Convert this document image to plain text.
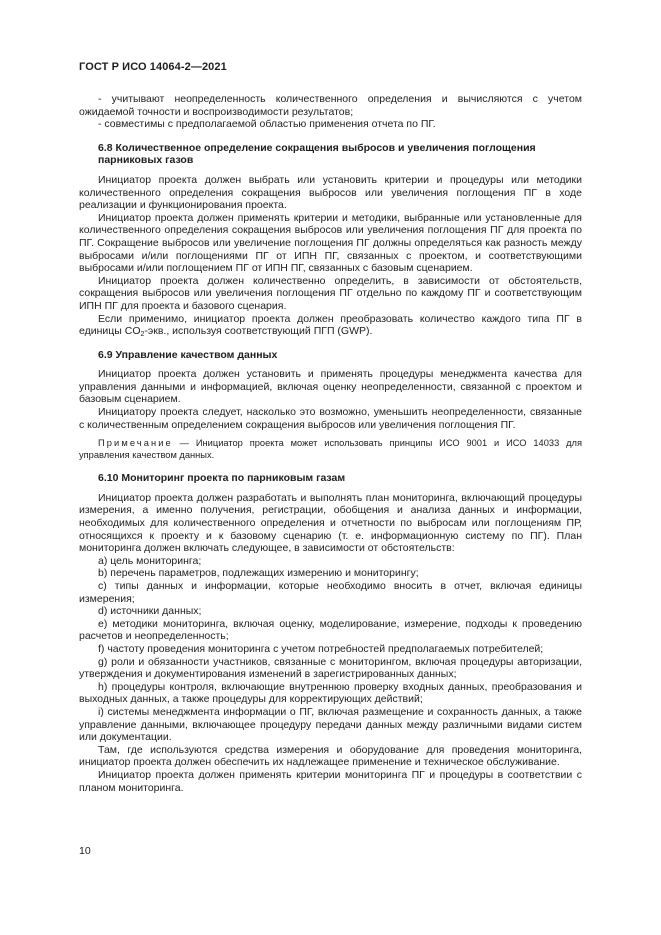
ГОСТ Р ИСО 14064-2—2021

- учитывают неопределенность количественного определения и вычисляются с учетом ожидаемой точности и воспроизводимости результатов;

- совместимы с предполагаемой областью применения отчета по ПГ.

6.8 Количественное определение сокращения выбросов и увеличения поглощения парниковых газов

Инициатор проекта должен выбрать или установить критерии и процедуры или методики количественного определения сокращения выбросов или увеличения поглощения ПГ в ходе реализации и функционирования проекта.

Инициатор проекта должен применять критерии и методики, выбранные или установленные для количественного определения сокращения выбросов или увеличения поглощения ПГ для проекта по ПГ. Сокращение выбросов или увеличение поглощения ПГ должны определяться как разность между выбросами и/или поглощениями ПГ от ИПН ПГ, связанных с проектом, и соответствующими выбросами и/или поглощением ПГ от ИПН ПГ, связанных с базовым сценарием.

Инициатор проекта должен количественно определить, в зависимости от обстоятельств, сокращения выбросов или увеличения поглощения ПГ отдельно по каждому ПГ и соответствующим ИПН ПГ для проекта и базового сценария.

Если применимо, инициатор проекта должен преобразовать количество каждого типа ПГ в единицы $CO_2$-экв., используя соответствующий ПГП (GWP).

6.9 Управление качеством данных

Инициатор проекта должен установить и применять процедуры менеджмента качества для управления данными и информацией, включая оценку неопределенности, связанной с проектом и базовым сценарием.

Инициатору проекта следует, насколько это возможно, уменьшить неопределенности, связанные с количественным определением сокращения выбросов или увеличения поглощения ПГ.

Примечание — Инициатор проекта может использовать принципы ИСО 9001 и ИСО 14033 для управления качеством данных.

6.10 Мониторинг проекта по парниковым газам

Инициатор проекта должен разработать и выполнять план мониторинга, включающий процедуры измерения, а именно получения, регистрации, обобщения и анализа данных и информации, необходимых для количественного определения и отчетности по выбросам или поглощениям ПР, относящихся к проекту и к базовому сценарию (т. е. информационную систему по ПГ). План мониторинга должен включать следующее, в зависимости от обстоятельств:

a) цель мониторинга;

b) перечень параметров, подлежащих измерению и мониторингу;

c) типы данных и информации, которые необходимо вносить в отчет, включая единицы измерения;

d) источники данных;

e) методики мониторинга, включая оценку, моделирование, измерение, подходы к проведению расчетов и неопределенность;

f) частоту проведения мониторинга с учетом потребностей предполагаемых потребителей;

g) роли и обязанности участников, связанные с мониторингом, включая процедуры авторизации, утверждения и документирования изменений в зарегистрированных данных;

h) процедуры контроля, включающие внутреннюю проверку входных данных, преобразования и выходных данных, а также процедуры для корректирующих действий;

i) системы менеджмента информации о ПГ, включая размещение и сохранность данных, а также управление данными, включающее процедуру передачи данных между различными видами систем или документации.

Там, где используются средства измерения и оборудование для проведения мониторинга, инициатор проекта должен обеспечить их надлежащее применение и техническое обслуживание.

Инициатор проекта должен применять критерии мониторинга ПГ и процедуры в соответствии с планом мониторинга.

10
